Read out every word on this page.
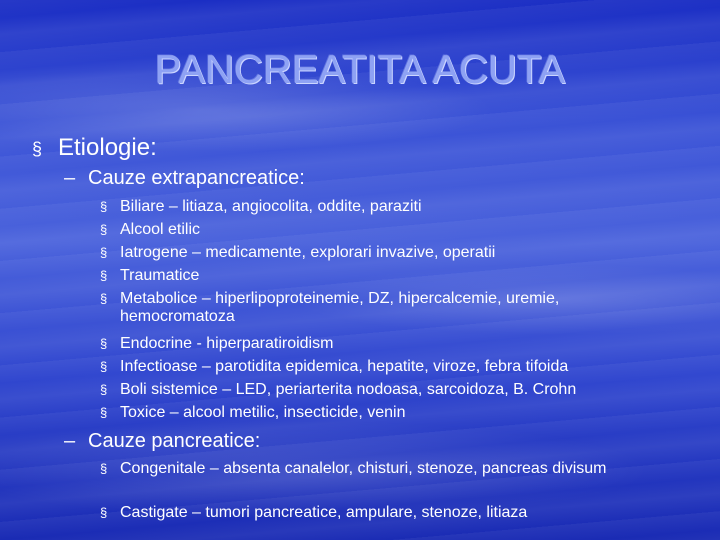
PANCREATITA ACUTA
§ Etiologie:
– Cauze extrapancreatice:
§ Biliare – litiaza, angiocolita, oddite, paraziti
§ Alcool etilic
§ Iatrogene – medicamente, explorari invazive, operatii
§ Traumatice
§ Metabolice – hiperlipoproteinemie, DZ, hipercalcemie, uremie, hemocromatoza
§ Endocrine - hiperparatiroidism
§ Infectioase – parotidita epidemica, hepatite, viroze, febra tifoida
§ Boli sistemice – LED, periarterita nodoasa, sarcoidoza, B. Crohn
§ Toxice – alcool metilic, insecticide, venin
– Cauze pancreatice:
§ Congenitale – absenta canalelor, chisturi, stenoze, pancreas divisum
§ Castigate – tumori pancreatice, ampulare, stenoze, litiaza
